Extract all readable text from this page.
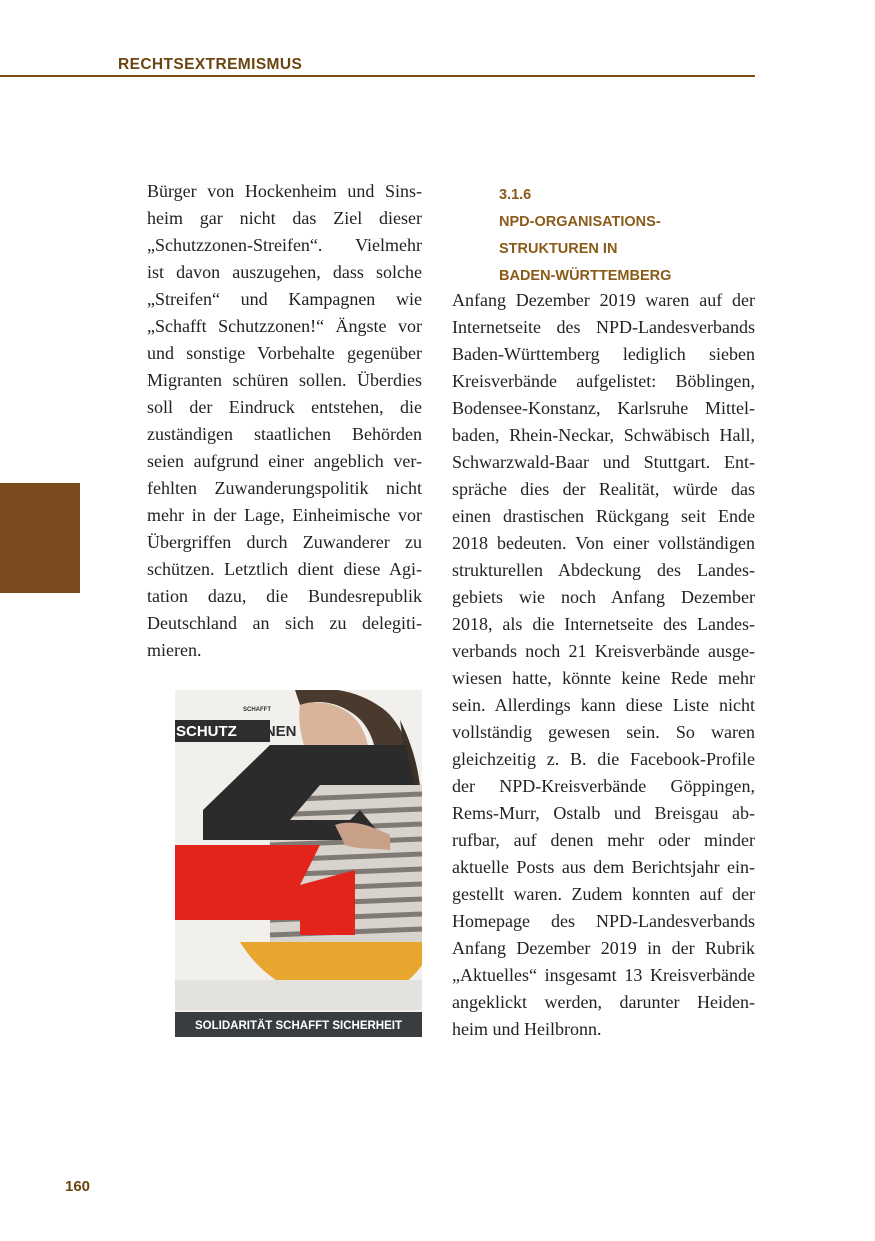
RECHTSEXTREMISMUS
Bürger von Hockenheim und Sins-
heim gar nicht das Ziel dieser
„Schutzzonen-Streifen“. Vielmehr
ist davon auszugehen, dass solche
„Streifen“ und Kampagnen wie
„Schafft Schutzzonen!“ Ängste vor
und sonstige Vorbehalte gegenüber
Migranten schüren sollen. Überdies
soll der Eindruck entstehen, die
zuständigen staatlichen Behörden
seien aufgrund einer angeblich ver-
fehlten Zuwanderungspolitik nicht
mehr in der Lage, Einheimische vor
Übergriffen durch Zuwanderer zu
schützen. Letztlich dient diese Agi-
tation dazu, die Bundesrepublik
Deutschland an sich zu delegiti-
mieren.
3.1.6
NPD-ORGANISATIONS-
STRUKTUREN IN
BADEN-WÜRTTEMBERG
Anfang Dezember 2019 waren auf der
Internetseite des NPD-Landesverbands
Baden-Württemberg lediglich sieben
Kreisverbände aufgelistet: Böblingen,
Bodensee-Konstanz, Karlsruhe Mittel-
baden, Rhein-Neckar, Schwäbisch Hall,
Schwarzwald-Baar und Stuttgart. Ent-
spräche dies der Realität, würde das
einen drastischen Rückgang seit Ende
2018 bedeuten. Von einer vollständigen
strukturellen Abdeckung des Landes-
gebiets wie noch Anfang Dezember
2018, als die Internetseite des Landes-
verbands noch 21 Kreisverbände ausge-
wiesen hatte, könnte keine Rede mehr
sein. Allerdings kann diese Liste nicht
vollständig gewesen sein. So waren
gleichzeitig z. B. die Facebook-Profile
der NPD-Kreisverbände Göppingen,
Rems-Murr, Ostalb und Breisgau ab-
rufbar, auf denen mehr oder minder
aktuelle Posts aus dem Berichtsjahr ein-
gestellt waren. Zudem konnten auf der
Homepage des NPD-Landesverbands
Anfang Dezember 2019 in der Rubrik
„Aktuelles“ insgesamt 13 Kreisverbände
angeklickt werden, darunter Heiden-
heim und Heilbronn.
SCHAFFT
SCHUTZ ZONEN
SOLIDARITÄT SCHAFFT SICHERHEIT
160
